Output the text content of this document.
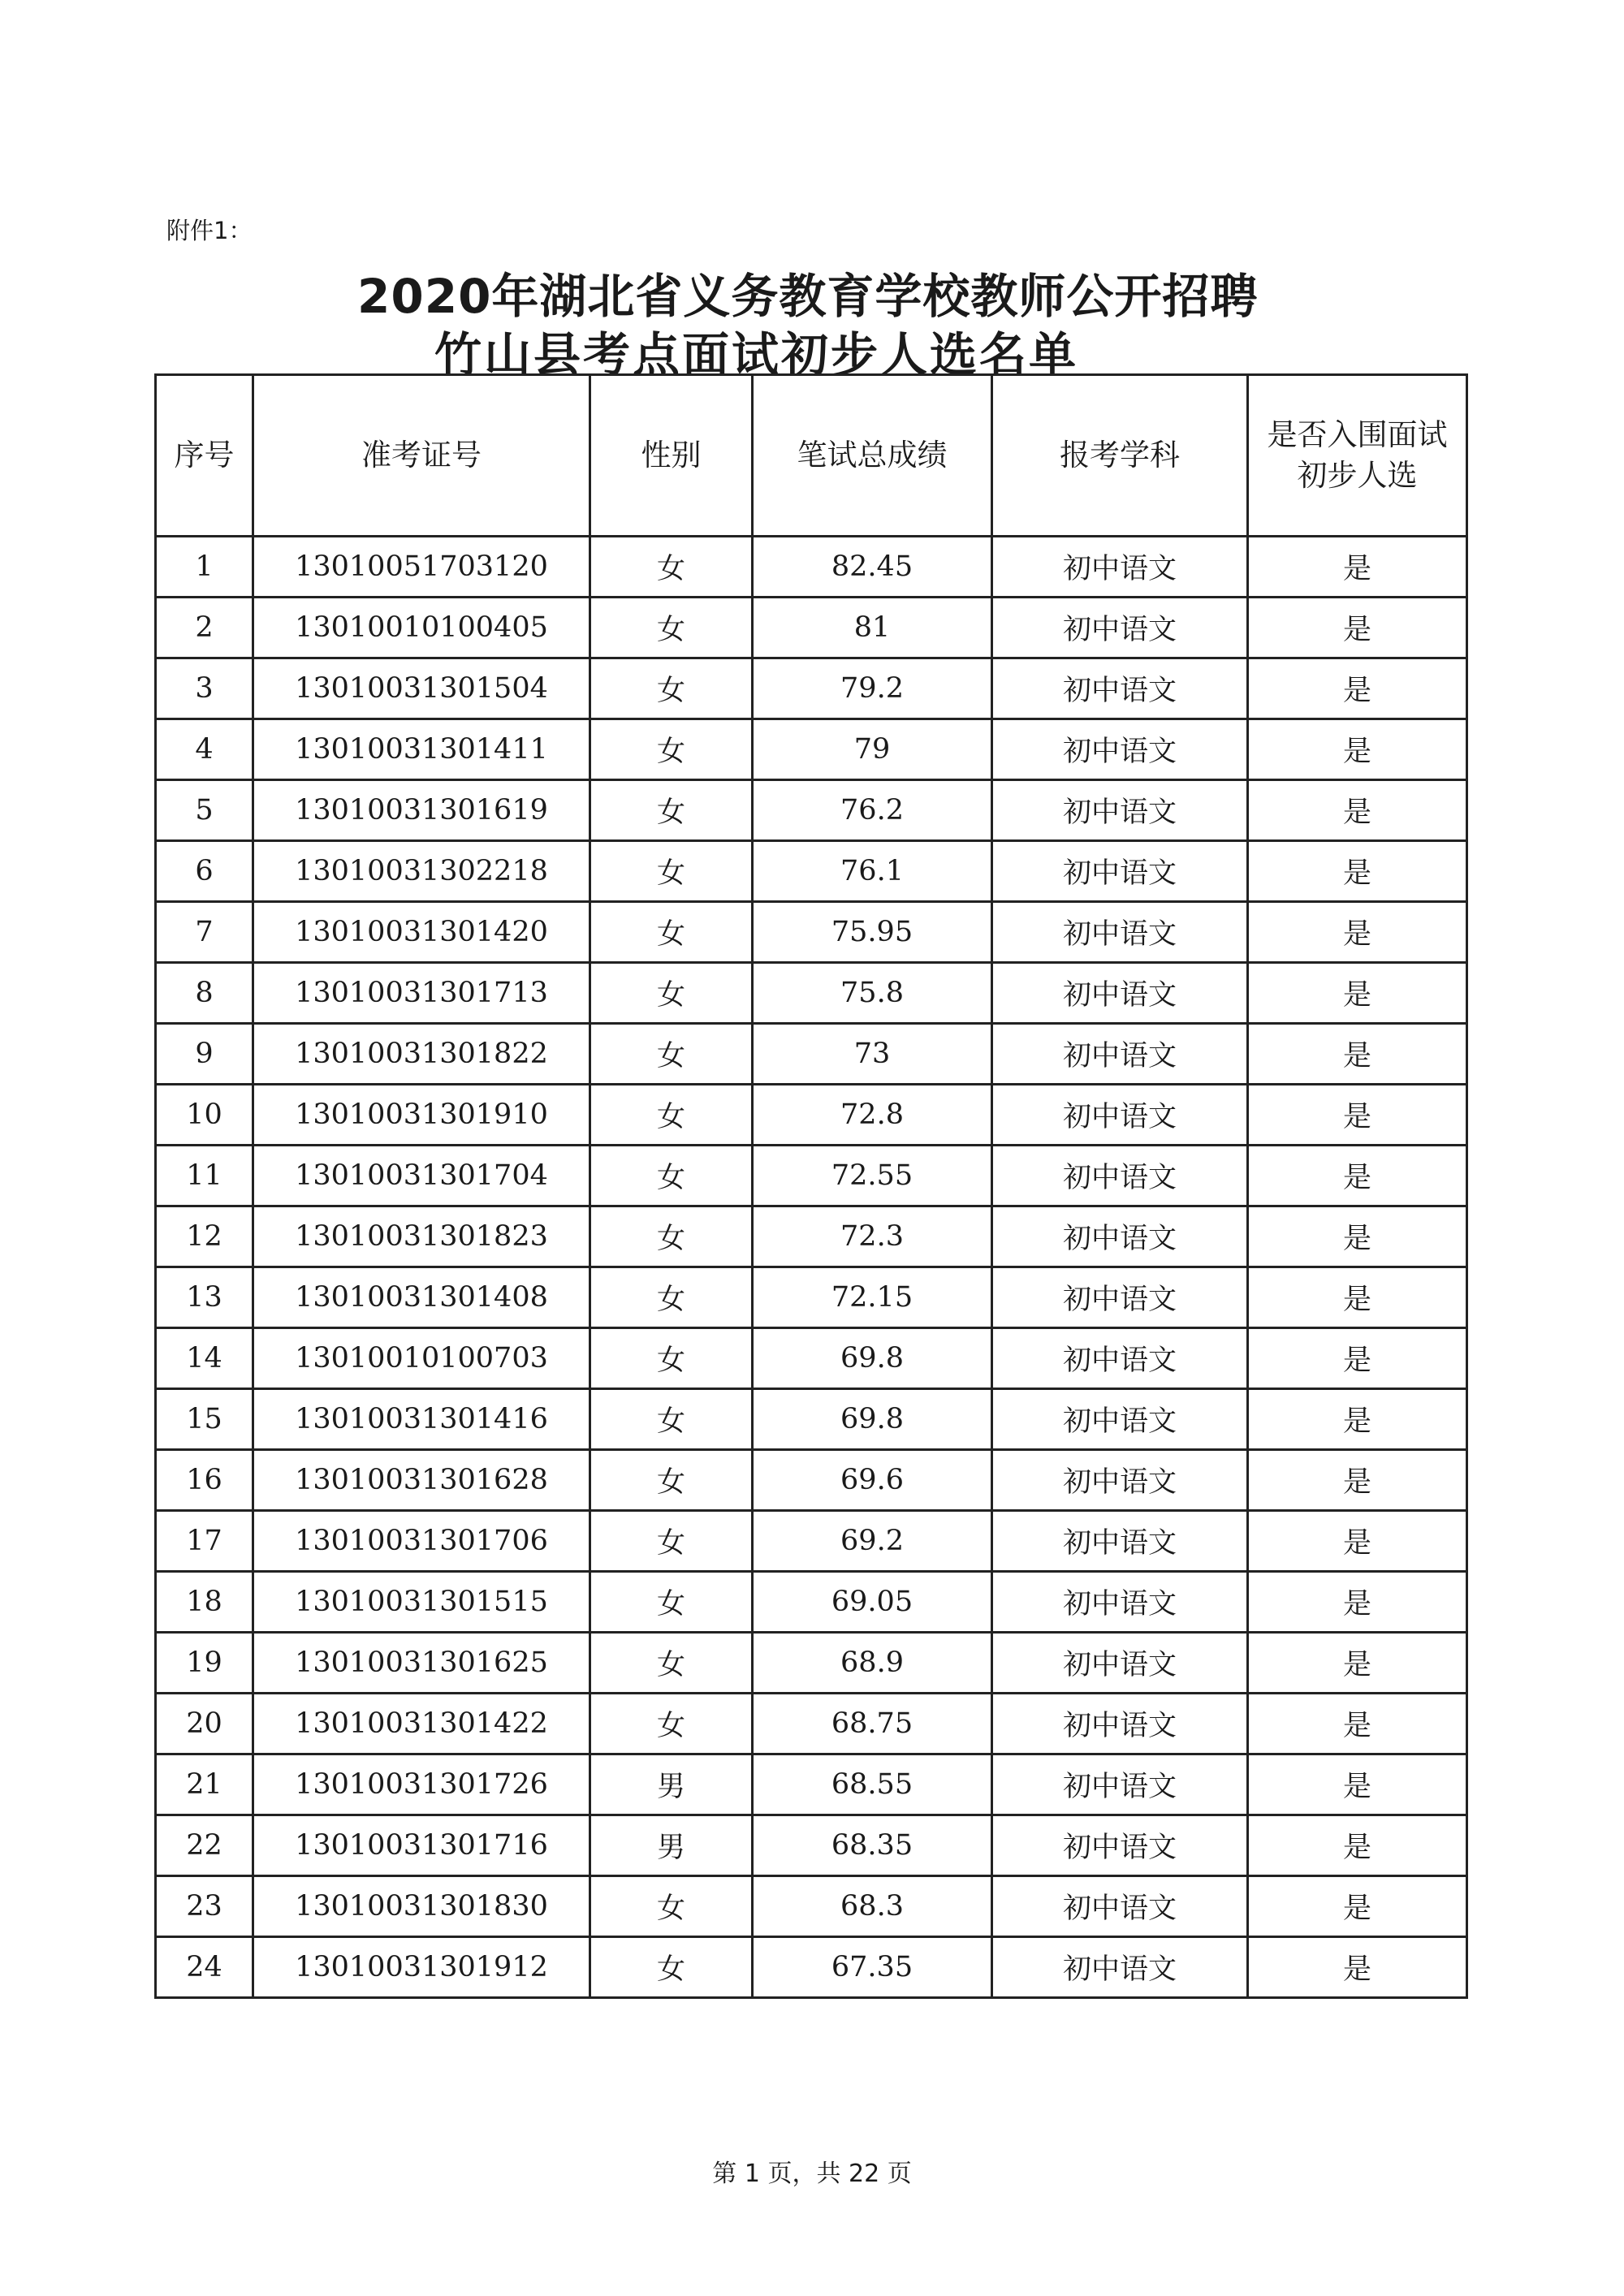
附件1：
2020年湖北省义务教育学校教师公开招聘
竹山县考点面试初步人选名单
序号	准考证号	性别	笔试总成绩	报考学科	是否入围面试初步人选
1	13010051703120	女	82.45	初中语文	是
2	13010010100405	女	81	初中语文	是
3	13010031301504	女	79.2	初中语文	是
4	13010031301411	女	79	初中语文	是
5	13010031301619	女	76.2	初中语文	是
6	13010031302218	女	76.1	初中语文	是
7	13010031301420	女	75.95	初中语文	是
8	13010031301713	女	75.8	初中语文	是
9	13010031301822	女	73	初中语文	是
10	13010031301910	女	72.8	初中语文	是
11	13010031301704	女	72.55	初中语文	是
12	13010031301823	女	72.3	初中语文	是
13	13010031301408	女	72.15	初中语文	是
14	13010010100703	女	69.8	初中语文	是
15	13010031301416	女	69.8	初中语文	是
16	13010031301628	女	69.6	初中语文	是
17	13010031301706	女	69.2	初中语文	是
18	13010031301515	女	69.05	初中语文	是
19	13010031301625	女	68.9	初中语文	是
20	13010031301422	女	68.75	初中语文	是
21	13010031301726	男	68.55	初中语文	是
22	13010031301716	男	68.35	初中语文	是
23	13010031301830	女	68.3	初中语文	是
24	13010031301912	女	67.35	初中语文	是
第 1 页，共 22 页
